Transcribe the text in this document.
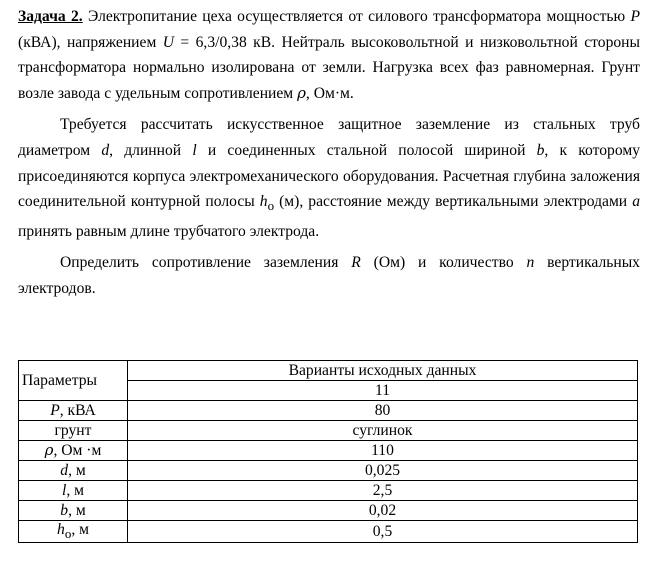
Задача 2. Электропитание цеха осуществляется от силового трансформатора мощностью P (кВА), напряжением U = 6,3/0,38 кВ. Нейтраль высоковольтной и низковольтной стороны трансформатора нормально изолирована от земли. Нагрузка всех фаз равномерная. Грунт возле завода с удельным сопротивлением ρ, Ом·м.

Требуется рассчитать искусственное защитное заземление из стальных труб диаметром d, длинной l и соединенных стальной полосой шириной b, к которому присоединяются корпуса электромеханического оборудования. Расчетная глубина заложения соединительной контурной полосы $h_о$ (м), расстояние между вертикальными электродами a принять равным длине трубчатого электрода.

Определить сопротивление заземления R (Ом) и количество n вертикальных электродов.

Параметры	Варианты исходных данных
	11
P, кВА	80
грунт	суглинок
ρ, Ом ·м	110
d, м	0,025
l, м	2,5
b, м	0,02
$h_о$, м	0,5
